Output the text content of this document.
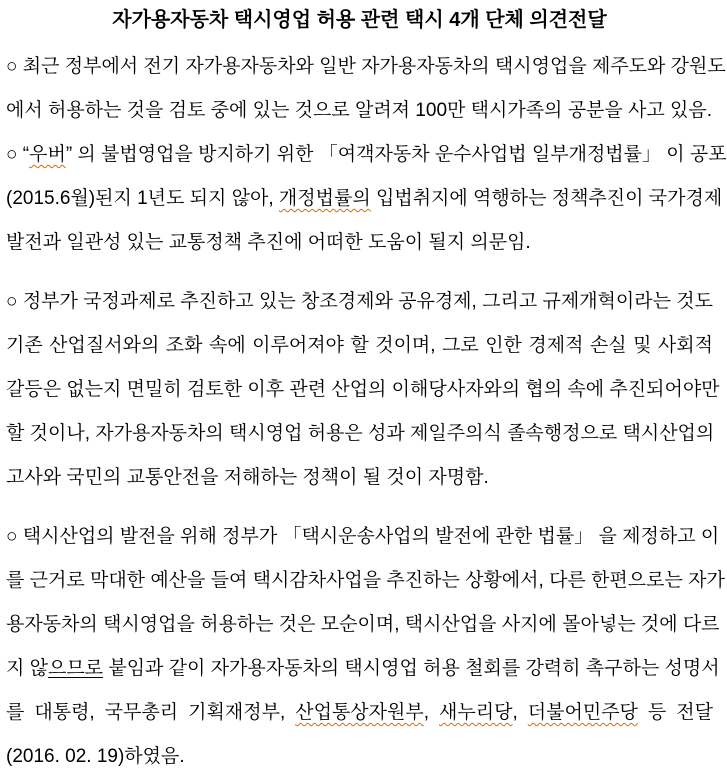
자가용자동차 택시영업 허용 관련 택시 4개 단체 의견전달
○ 최근 정부에서 전기 자가용자동차와 일반 자가용자동차의 택시영업을 제주도와 강원도
에서 허용하는 것을 검토 중에 있는 것으로 알려져 100만 택시가족의 공분을 사고 있음.
○ “우버” 의 불법영업을 방지하기 위한 「여객자동차 운수사업법 일부개정법률」 이 공포
(2015.6월)된지 1년도 되지 않아, 개정법률의 입법취지에 역행하는 정책추진이 국가경제
발전과 일관성 있는 교통정책 추진에 어떠한 도움이 될지 의문임.
○ 정부가 국정과제로 추진하고 있는 창조경제와 공유경제, 그리고 규제개혁이라는 것도
기존 산업질서와의 조화 속에 이루어져야 할 것이며, 그로 인한 경제적 손실 및 사회적
갈등은 없는지 면밀히 검토한 이후 관련 산업의 이해당사자와의 협의 속에 추진되어야만
할 것이나, 자가용자동차의 택시영업 허용은 성과 제일주의식 졸속행정으로 택시산업의
고사와 국민의 교통안전을 저해하는 정책이 될 것이 자명함.
○ 택시산업의 발전을 위해 정부가 「택시운송사업의 발전에 관한 법률」 을 제정하고 이
를 근거로 막대한 예산을 들여 택시감차사업을 추진하는 상황에서, 다른 한편으로는 자가
용자동차의 택시영업을 허용하는 것은 모순이며, 택시산업을 사지에 몰아넣는 것에 다르
지 않으므로 붙임과 같이 자가용자동차의 택시영업 허용 철회를 강력히 촉구하는 성명서
를 대통령, 국무총리 기획재정부, 산업통상자원부, 새누리당, 더불어민주당 등 전달
(2016. 02. 19)하였음.
